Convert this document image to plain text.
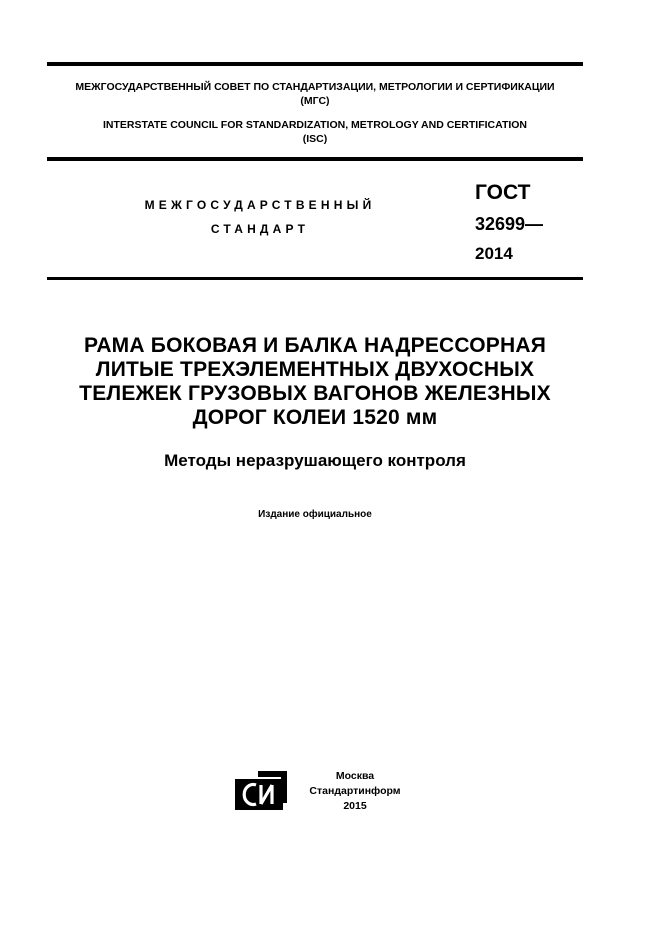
МЕЖГОСУДАРСТВЕННЫЙ СОВЕТ ПО СТАНДАРТИЗАЦИИ, МЕТРОЛОГИИ И СЕРТИФИКАЦИИ
(МГС)
INTERSTATE COUNCIL FOR STANDARDIZATION, METROLOGY AND CERTIFICATION
(ISC)
МЕЖГОСУДАРСТВЕННЫЙ
СТАНДАРТ
ГОСТ
32699—
2014
РАМА БОКОВАЯ И БАЛКА НАДРЕССОРНАЯ
ЛИТЫЕ ТРЕХЭЛЕМЕНТНЫХ ДВУХОСНЫХ
ТЕЛЕЖЕК ГРУЗОВЫХ ВАГОНОВ ЖЕЛЕЗНЫХ
ДОРОГ КОЛЕИ 1520 мм
Методы неразрушающего контроля
Издание официальное
Москва
Стандартинформ
2015
